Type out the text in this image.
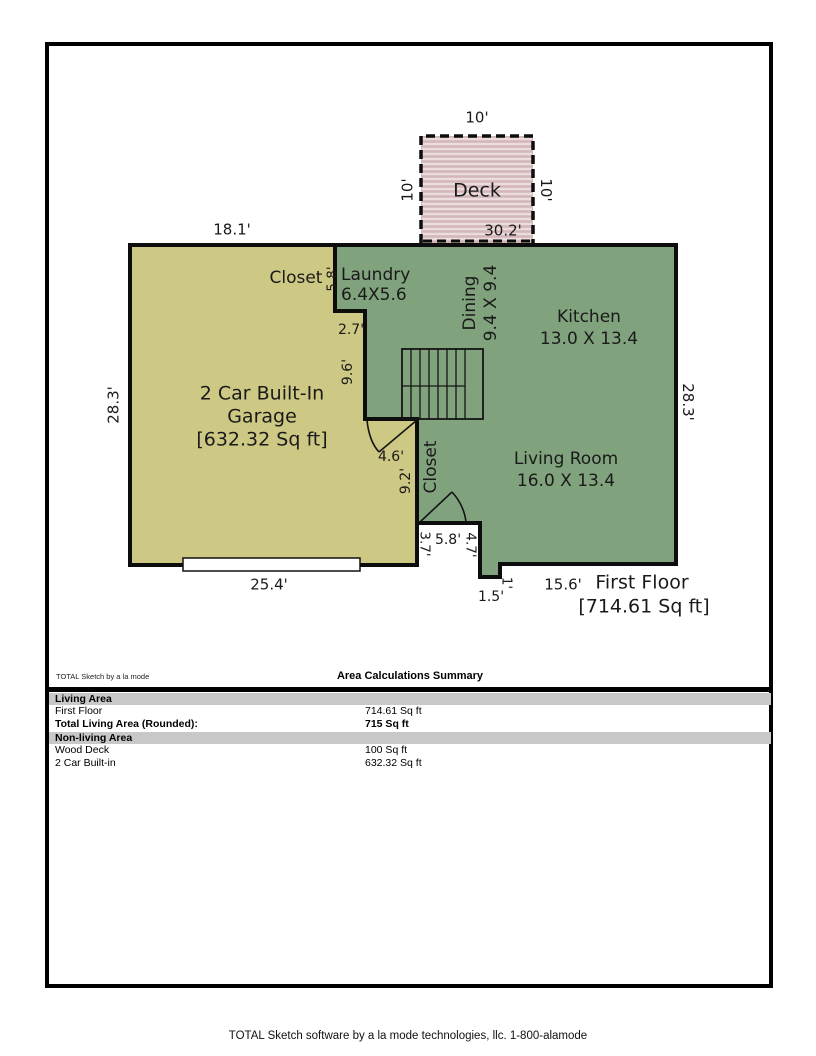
10'
10'	10'
Deck
18.1'	30.2'
28.3'	28.3'
25.4'
Closet 5.8' Laundry
6.4X5.6
2.7'
9.6'
Dining 9.4 X 9.4	Kitchen
13.0 X 13.4
2 Car Built-In
Garage
[632.32 Sq ft]
4.6'
9.2' Closet	Living Room
16.0 X 13.4
3.7' 5.8' 4.7'
1.5'
1' 15.6' First Floor
[714.61 Sq ft]
TOTAL Sketch by a la mode	Area Calculations Summary
Living Area
First Floor	714.61 Sq ft
Total Living Area (Rounded):	715 Sq ft
Non-living Area
Wood Deck	100 Sq ft
2 Car Built-in	632.32 Sq ft
TOTAL Sketch software by a la mode technologies, llc. 1-800-alamode
